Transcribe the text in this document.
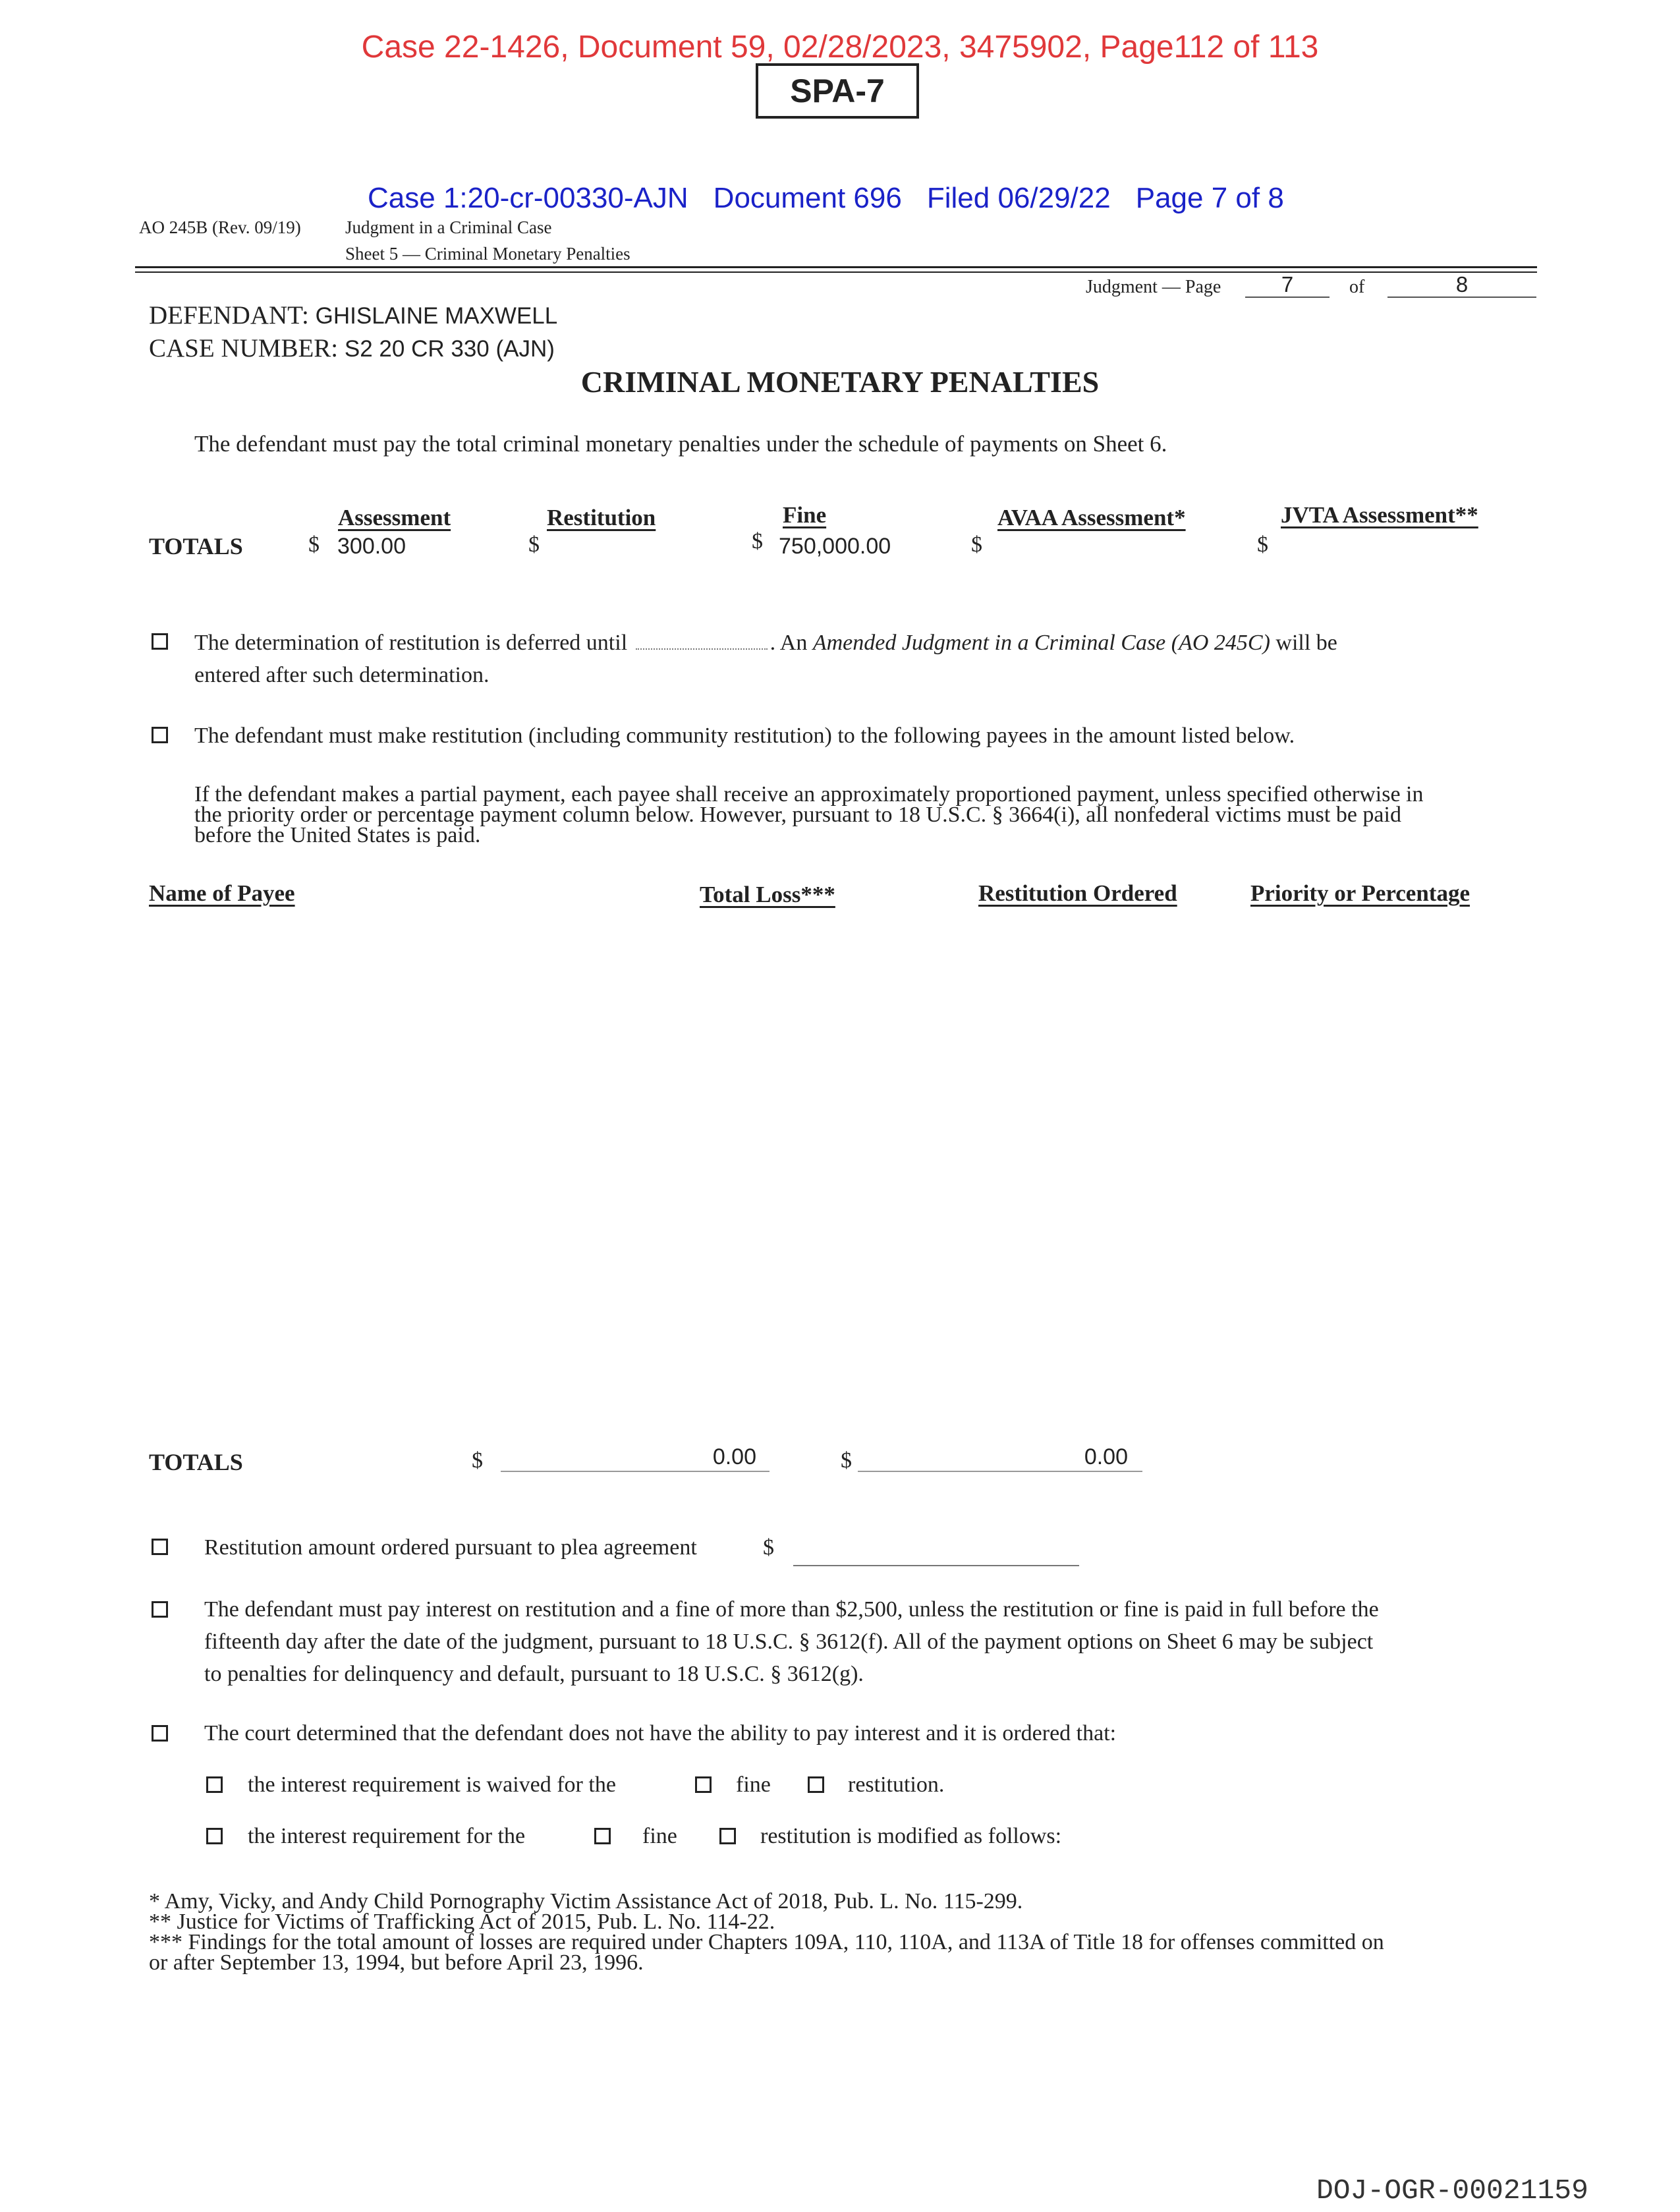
Case 22-1426, Document 59, 02/28/2023, 3475902, Page112 of 113
SPA-7
Case 1:20-cr-00330-AJN Document 696 Filed 06/29/22 Page 7 of 8
AO 245B (Rev. 09/19) Judgment in a Criminal Case
Sheet 5 — Criminal Monetary Penalties
Judgment — Page	7	of	8
DEFENDANT: GHISLAINE MAXWELL
CASE NUMBER: S2 20 CR 330 (AJN)
CRIMINAL MONETARY PENALTIES
The defendant must pay the total criminal monetary penalties under the schedule of payments on Sheet 6.
Assessment	Restitution	Fine	AVAA Assessment*	JVTA Assessment**
TOTALS	$ 300.00	$	$ 750,000.00	$	$
The determination of restitution is deferred until	. An Amended Judgment in a Criminal Case (AO 245C) will be
entered after such determination.
The defendant must make restitution (including community restitution) to the following payees in the amount listed below.
If the defendant makes a partial payment, each payee shall receive an approximately proportioned payment, unless specified otherwise in
the priority order or percentage payment column below. However, pursuant to 18 U.S.C. § 3664(i), all nonfederal victims must be paid
before the United States is paid.
Name of Payee	Total Loss***	Restitution Ordered	Priority or Percentage
TOTALS	$	0.00	$	0.00
Restitution amount ordered pursuant to plea agreement	$
The defendant must pay interest on restitution and a fine of more than $2,500, unless the restitution or fine is paid in full before the
fifteenth day after the date of the judgment, pursuant to 18 U.S.C. § 3612(f). All of the payment options on Sheet 6 may be subject
to penalties for delinquency and default, pursuant to 18 U.S.C. § 3612(g).
The court determined that the defendant does not have the ability to pay interest and it is ordered that:
the interest requirement is waived for the	fine	restitution.
the interest requirement for the	fine	restitution is modified as follows:
* Amy, Vicky, and Andy Child Pornography Victim Assistance Act of 2018, Pub. L. No. 115-299.
** Justice for Victims of Trafficking Act of 2015, Pub. L. No. 114-22.
*** Findings for the total amount of losses are required under Chapters 109A, 110, 110A, and 113A of Title 18 for offenses committed on
or after September 13, 1994, but before April 23, 1996.
DOJ-OGR-00021159
